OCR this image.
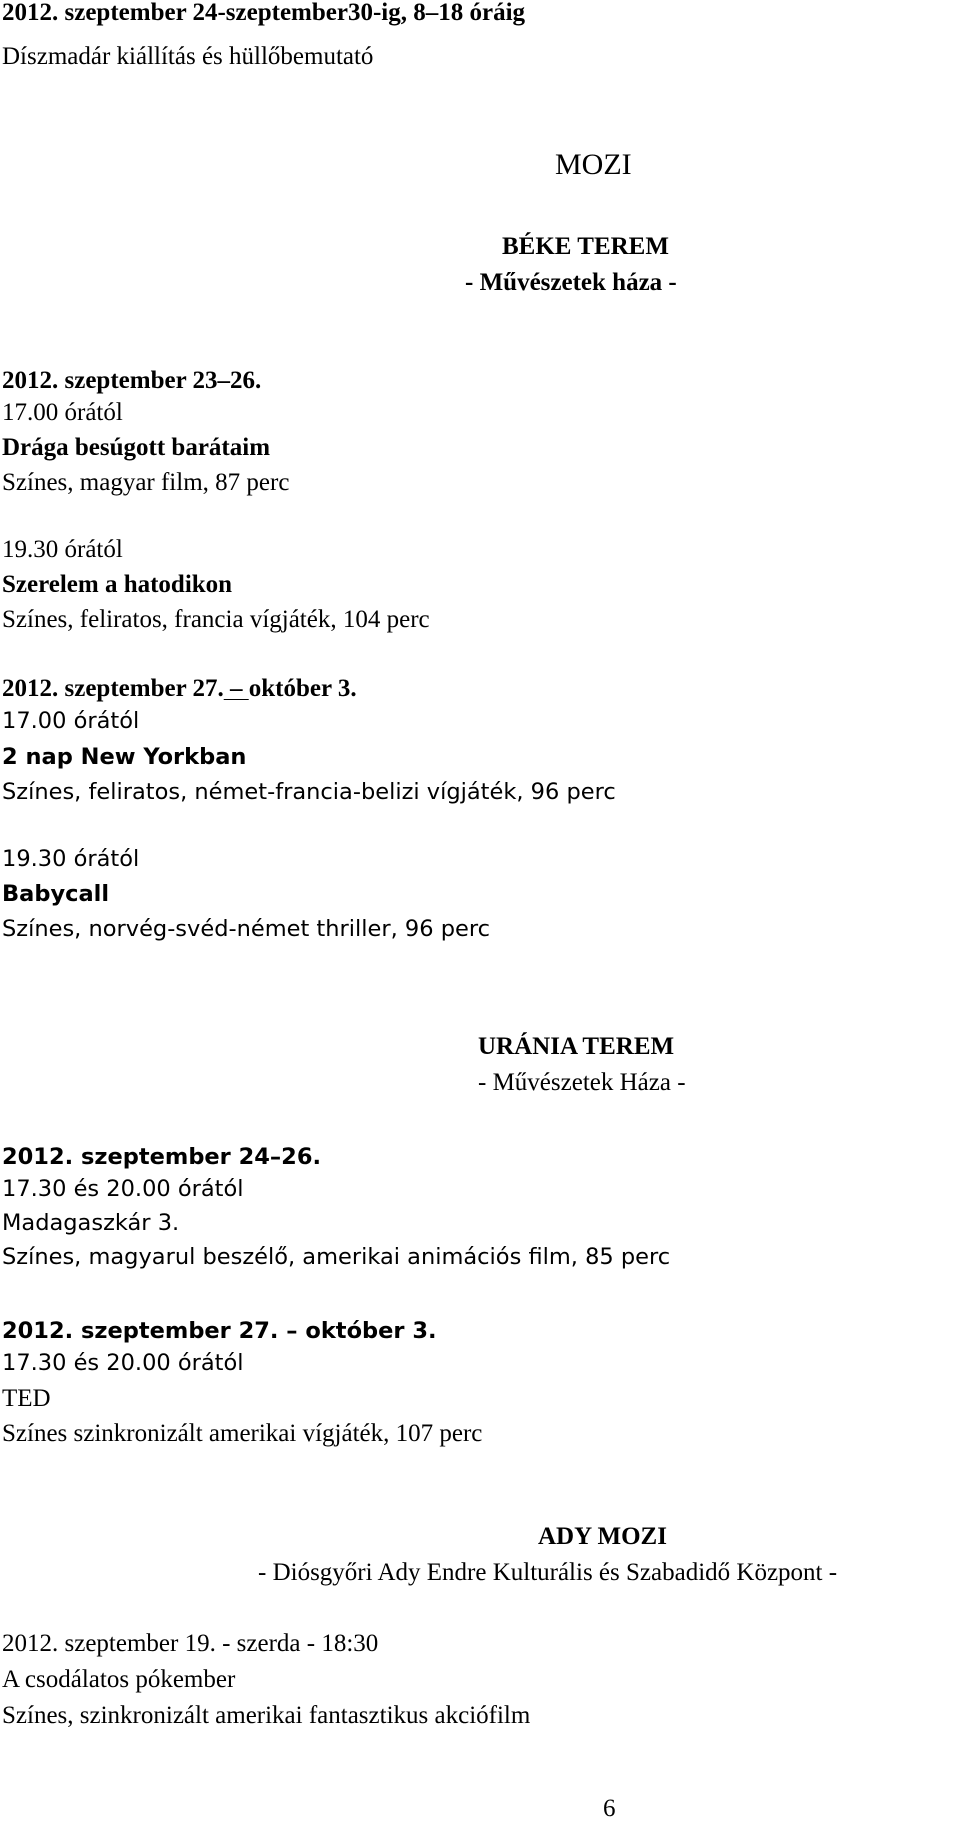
2012. szeptember 24-szeptember30-ig, 8–18 óráig
Díszmadár kiállítás és hüllőbemutató
MOZI
BÉKE TEREM
- Művészetek háza -
2012. szeptember 23–26.
17.00 órától
Drága besúgott barátaim
Színes, magyar film, 87 perc
19.30 órától
Szerelem a hatodikon
Színes, feliratos, francia vígjáték, 104 perc
2012. szeptember 27. – október 3.
17.00 órától
2 nap New Yorkban
Színes, feliratos, német-francia-belizi vígjáték, 96 perc
19.30 órától
Babycall
Színes, norvég-svéd-német thriller, 96 perc
URÁNIA TEREM
- Művészetek Háza -
2012. szeptember 24–26.
17.30 és 20.00 órától
Madagaszkár 3.
Színes, magyarul beszélő, amerikai animációs film, 85 perc
2012. szeptember 27. – október 3.
17.30 és 20.00 órától
TED
Színes szinkronizált amerikai vígjáték, 107 perc
ADY MOZI
- Diósgyőri Ady Endre Kulturális és Szabadidő Központ -
2012. szeptember 19. - szerda - 18:30
A csodálatos pókember
Színes, szinkronizált amerikai fantasztikus akciófilm
6
